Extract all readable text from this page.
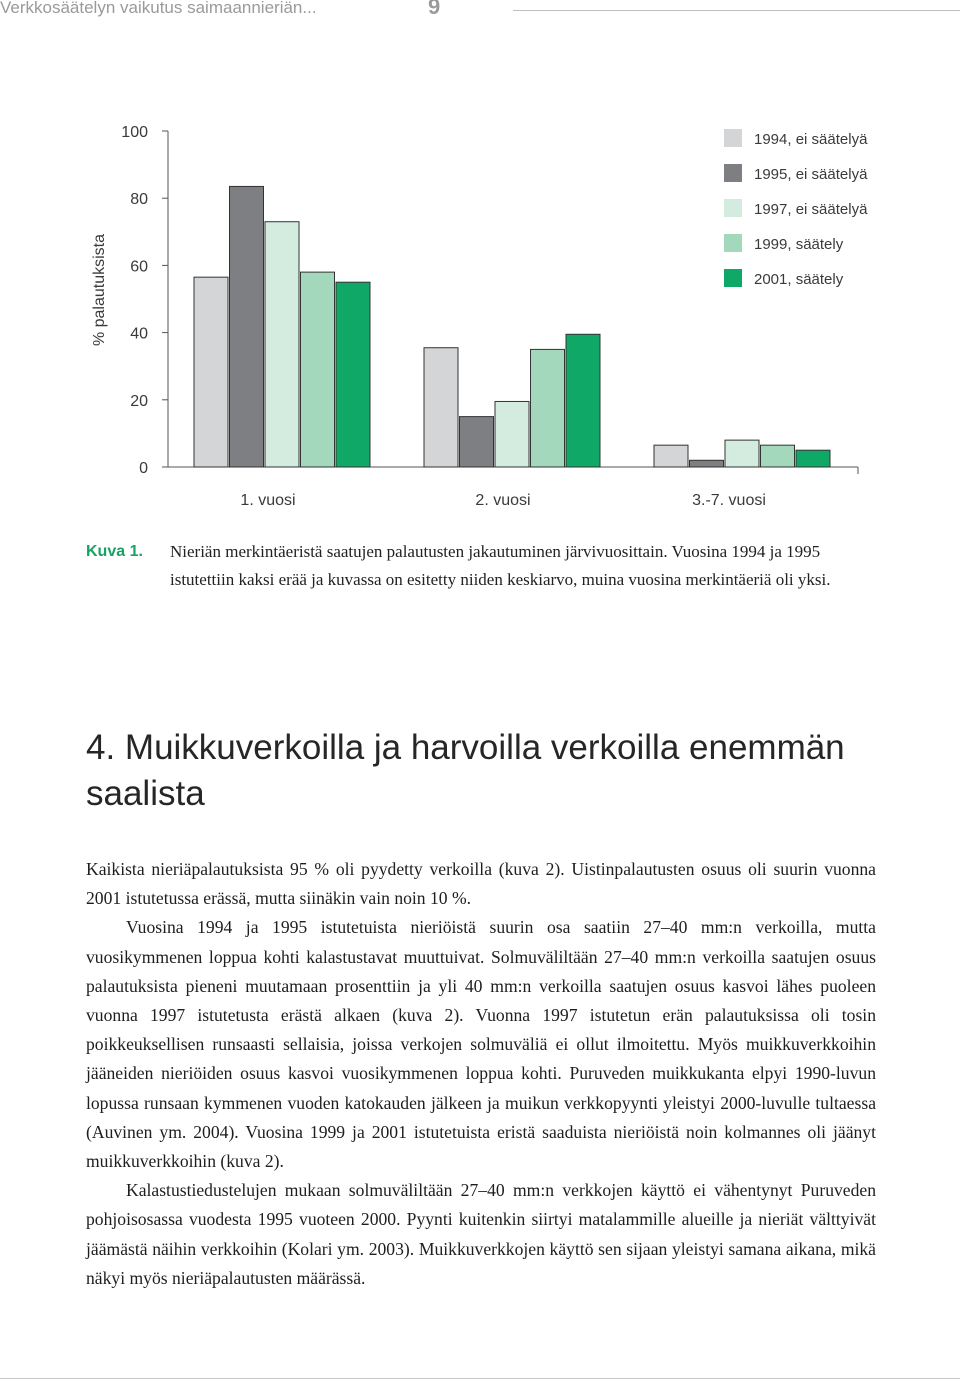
Verkkosäätelyn vaikutus saimaannieriän...	9
0
20
40
60
80
100
% palautuksista
1. vuosi	2. vuosi	3.-7. vuosi
1994, ei säätelyä
1995, ei säätelyä
1997, ei säätelyä
1999, säätely
2001, säätely
Kuva 1. Nieriän merkintäeristä saatujen palautusten jakautuminen järvivuosittain. Vuosina 1994 ja 1995 istutettiin kaksi erää ja kuvassa on esitetty niiden keskiarvo, muina vuosina merkintäeriä oli yksi.
4. Muikkuverkoilla ja harvoilla verkoilla enemmän saalista

Kaikista nieriäpalautuksista 95 % oli pyydetty verkoilla (kuva 2). Uistinpalautusten osuus oli suurin vuonna 2001 istutetussa erässä, mutta siinäkin vain noin 10 %.

Vuosina 1994 ja 1995 istutetuista nieriöistä suurin osa saatiin 27–40 mm:n verkoilla, mutta vuosikymmenen loppua kohti kalastustavat muuttuivat. Solmuväliltään 27–40 mm:n verkoilla saatujen osuus palautuksista pieneni muutamaan prosenttiin ja yli 40 mm:n verkoilla saatujen osuus kasvoi lähes puoleen vuonna 1997 istutetusta erästä alkaen (kuva 2). Vuonna 1997 istutetun erän palautuksissa oli tosin poikkeuksellisen runsaasti sellaisia, joissa verkojen solmuväliä ei ollut ilmoitettu. Myös muikkuverkkoihin jääneiden nieriöiden osuus kasvoi vuosikymmenen loppua kohti. Puruveden muikkukanta elpyi 1990-luvun lopussa runsaan kymmenen vuoden katokauden jälkeen ja muikun verkkopyynti yleistyi 2000-luvulle tultaessa (Auvinen ym. 2004). Vuosina 1999 ja 2001 istutetuista eristä saaduista nieriöistä noin kolmannes oli jäänyt muikkuverkkoihin (kuva 2).

Kalastustiedustelujen mukaan solmuväliltään 27–40 mm:n verkkojen käyttö ei vähentynyt Puruveden pohjoisosassa vuodesta 1995 vuoteen 2000. Pyynti kuitenkin siirtyi matalammille alueille ja nieriät välttyivät jäämästä näihin verkkoihin (Kolari ym. 2003). Muikkuverkkojen käyttö sen sijaan yleistyi samana aikana, mikä näkyi myös nieriäpalautusten määrässä.
